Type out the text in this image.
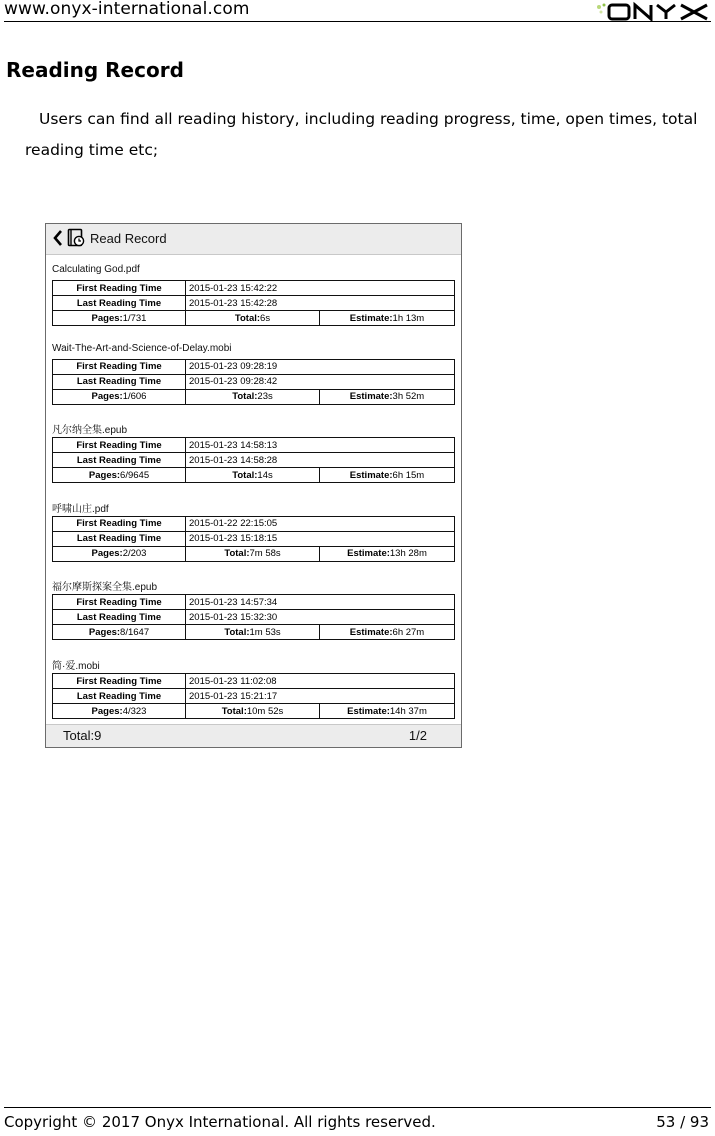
www.onyx-international.com
Reading Record
Users can find all reading history, including reading progress, time, open times, total reading time etc;
Read Record
Calculating God.pdf
First Reading Time	2015-01-23 15:42:22	
Last Reading Time	2015-01-23 15:42:28	
Pages:1/731	Total:6s	Estimate:1h 13m
Wait-The-Art-and-Science-of-Delay.mobi
First Reading Time	2015-01-23 09:28:19	
Last Reading Time	2015-01-23 09:28:42	
Pages:1/606	Total:23s	Estimate:3h 52m
凡尔纳全集.epub
First Reading Time	2015-01-23 14:58:13	
Last Reading Time	2015-01-23 14:58:28	
Pages:6/9645	Total:14s	Estimate:6h 15m
呼啸山庄.pdf
First Reading Time	2015-01-22 22:15:05	
Last Reading Time	2015-01-23 15:18:15	
Pages:2/203	Total:7m 58s	Estimate:13h 28m
福尔摩斯探案全集.epub
First Reading Time	2015-01-23 14:57:34	
Last Reading Time	2015-01-23 15:32:30	
Pages:8/1647	Total:1m 53s	Estimate:6h 27m
简·爱.mobi
First Reading Time	2015-01-23 11:02:08	
Last Reading Time	2015-01-23 15:21:17	
Pages:4/323	Total:10m 52s	Estimate:14h 37m
Total:9	1/2
Copyright © 2017 Onyx International. All rights reserved.	53 / 93
